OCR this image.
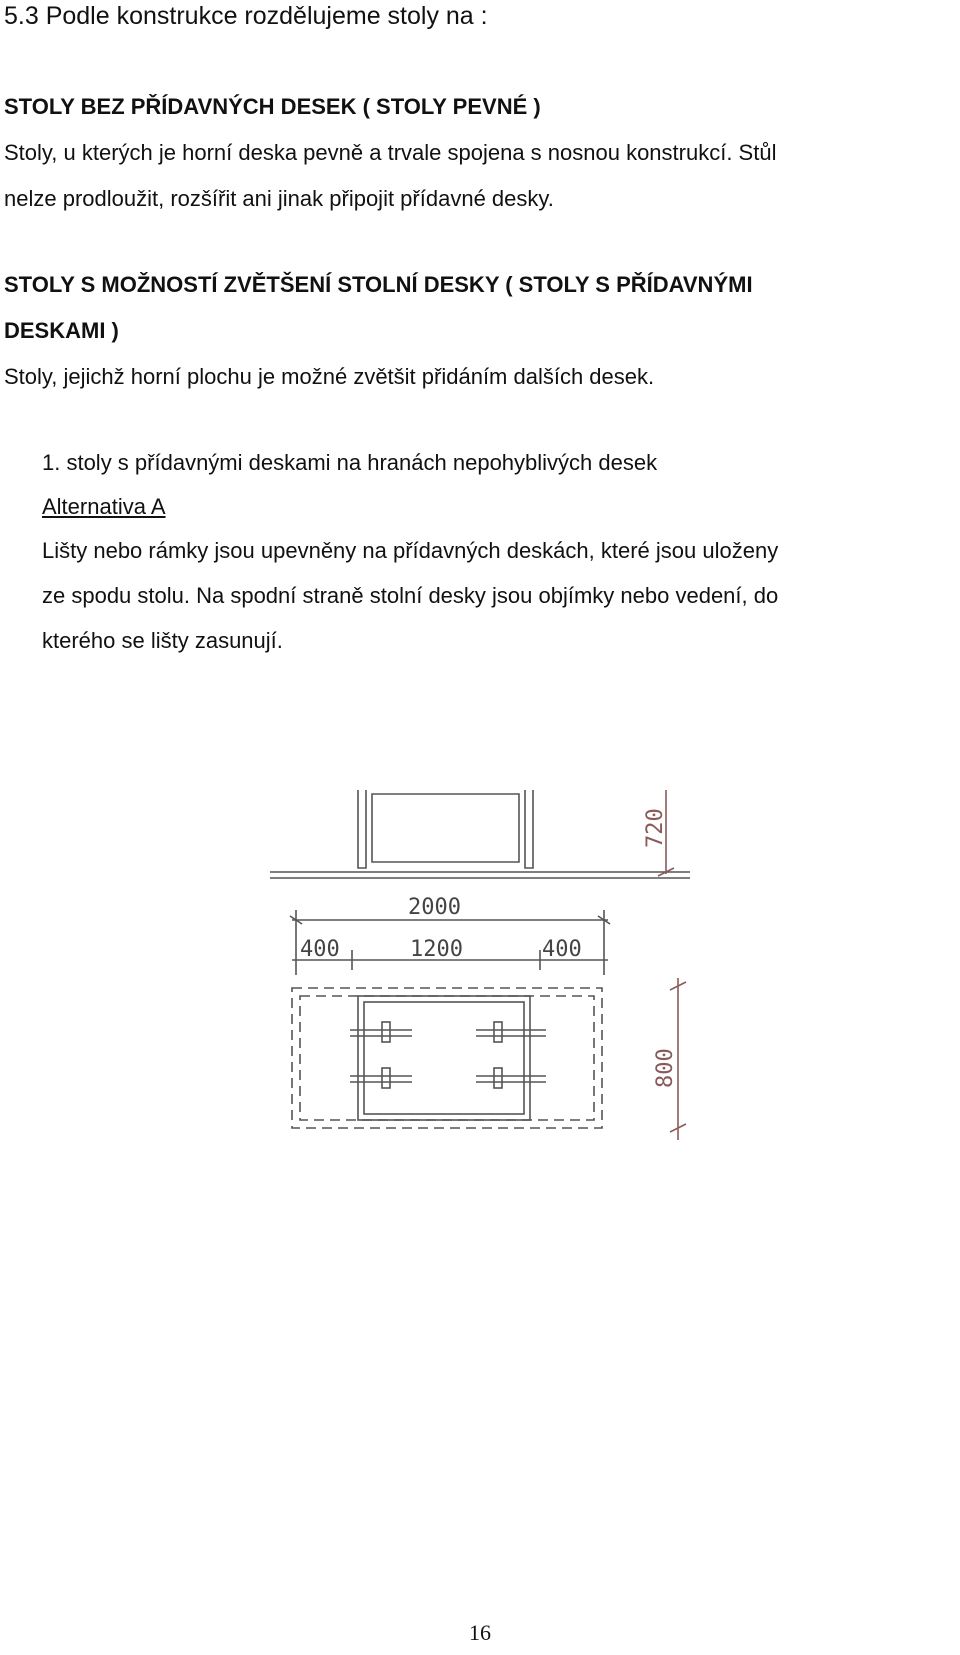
5.3 Podle konstrukce rozdělujeme stoly na :
STOLY BEZ PŘÍDAVNÝCH DESEK ( STOLY PEVNÉ )
Stoly, u kterých je horní deska pevně a trvale spojena s nosnou konstrukcí. Stůl
nelze prodloužit, rozšířit ani jinak připojit přídavné desky.
STOLY S MOŽNOSTÍ ZVĚTŠENÍ STOLNÍ DESKY ( STOLY S PŘÍDAVNÝMI
DESKAMI )
Stoly, jejichž horní plochu je možné zvětšit přidáním dalších desek.
1. stoly s přídavnými deskami na hranách nepohyblivých desek
Alternativa A
Lišty nebo rámky jsou upevněny na přídavných deskách, které jsou uloženy
ze spodu stolu. Na spodní straně stolní desky jsou objímky nebo vedení, do
kterého se lišty zasunují.
720
2000
400	1200	400
800
16
